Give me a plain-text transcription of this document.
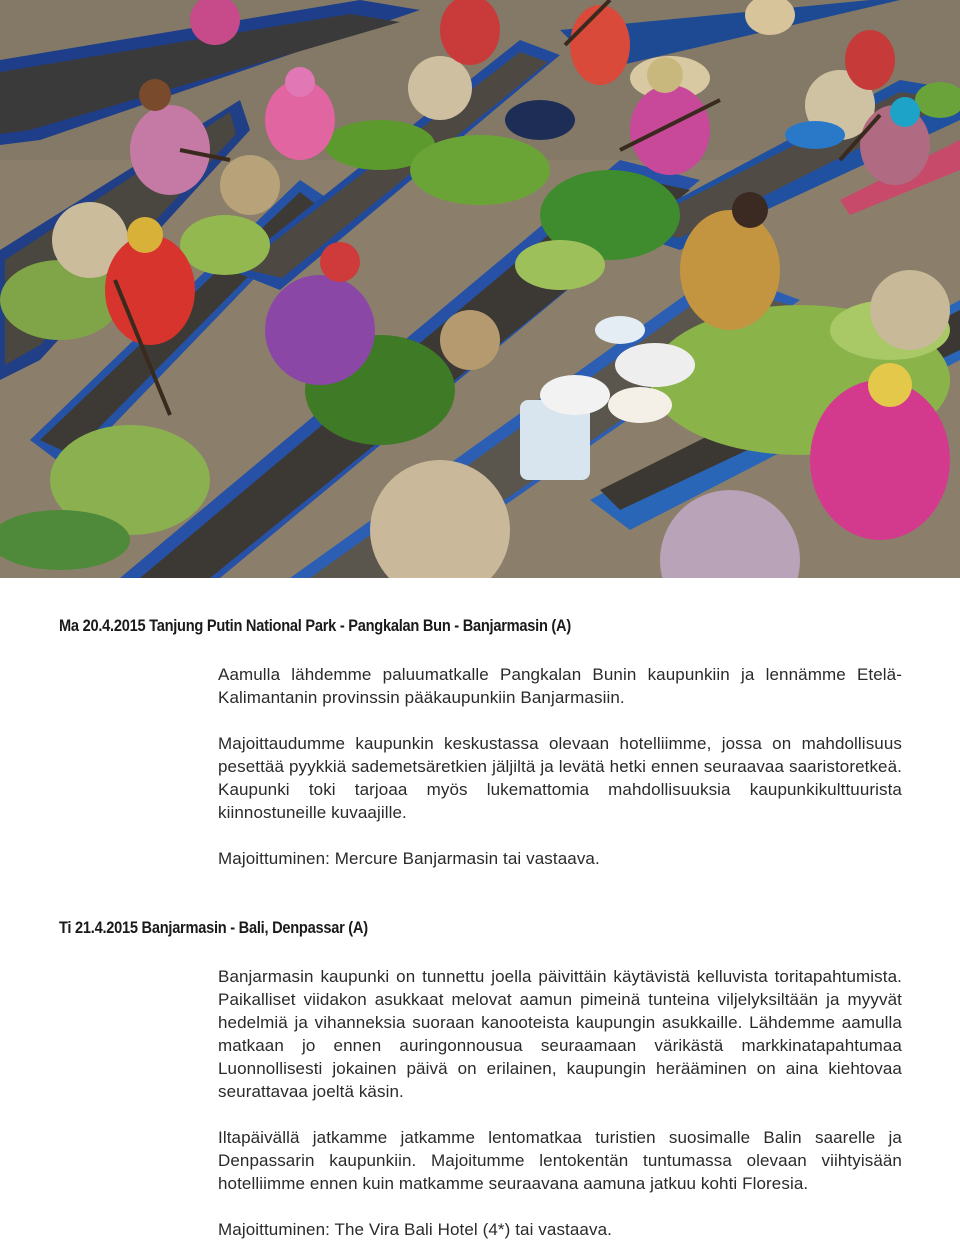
Ma 20.4.2015 Tanjung Putin National Park - Pangkalan Bun - Banjarmasin (A)

Aamulla lähdemme paluumatkalle Pangkalan Bunin kaupunkiin ja lennämme Etelä-Kalimantanin provinssin pääkaupunkiin Banjarmasiin.

Majoittaudumme kaupunkin keskustassa olevaan hotelliimme, jossa on mahdollisuus pesettää pyykkiä sademetsäretkien jäljiltä ja levätä hetki ennen seuraavaa saaristoretkeä. Kaupunki toki tarjoaa myös lukemattomia mahdollisuuksia kaupunkikulttuurista kiinnostuneille kuvaajille.

Majoittuminen: Mercure Banjarmasin tai vastaava.

Ti 21.4.2015 Banjarmasin - Bali, Denpassar (A)

Banjarmasin kaupunki on tunnettu joella päivittäin käytävistä kelluvista toritapahtumista. Paikalliset viidakon asukkaat melovat aamun pimeinä tunteina viljelyksiltään ja myyvät hedelmiä ja vihanneksia suoraan kanooteista kaupungin asukkaille. Lähdemme aamulla matkaan jo ennen auringonnousua seuraamaan värikästä markkinatapahtumaa Luonnollisesti jokainen päivä on erilainen, kaupungin herääminen on aina kiehtovaa seurattavaa joeltä käsin.

Iltapäivällä jatkamme jatkamme lentomatkaa turistien suosimalle Balin saarelle ja Denpassarin kaupunkiin. Majoitumme lentokentän tuntumassa olevaan viihtyisään hotelliimme ennen kuin matkamme seuraavana aamuna jatkuu kohti Floresia.

Majoittuminen: The Vira Bali Hotel (4*) tai vastaava.
